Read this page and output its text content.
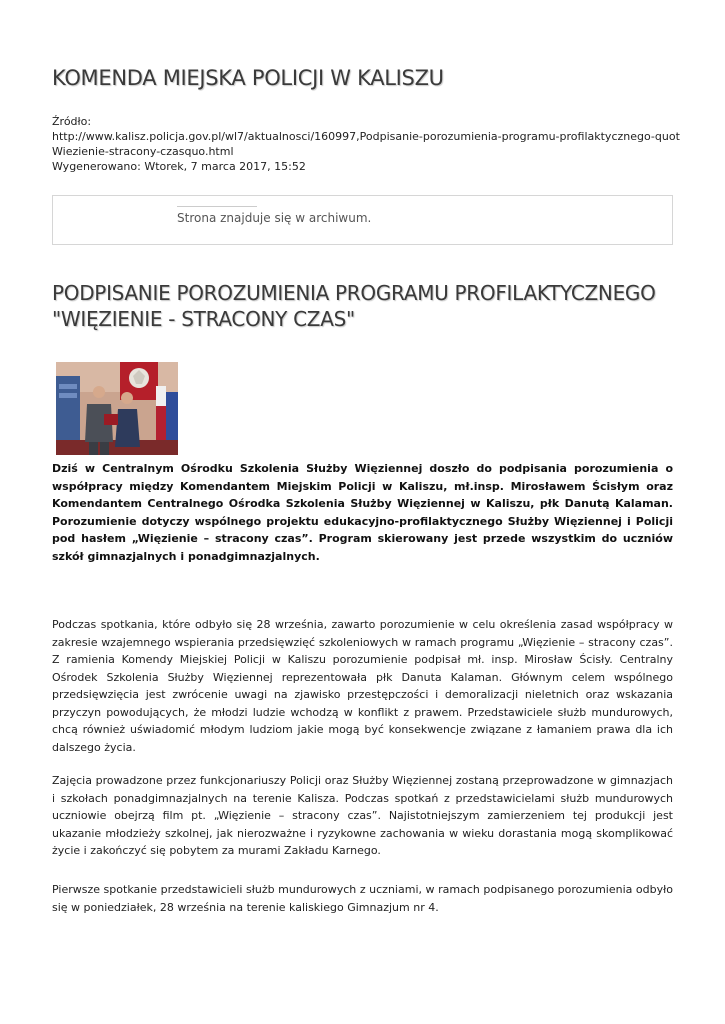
KOMENDA MIEJSKA POLICJI W KALISZU
Źródło:
http://www.kalisz.policja.gov.pl/wl7/aktualnosci/160997,Podpisanie-porozumienia-programu-profilaktycznego-quotWiezienie-stracony-czasquo.html
Wygenerowano: Wtorek, 7 marca 2017, 15:52
Strona znajduje się w archiwum.
PODPISANIE POROZUMIENIA PROGRAMU PROFILAKTYCZNEGO "WIĘZIENIE - STRACONY CZAS"

Dziś w Centralnym Ośrodku Szkolenia Służby Więziennej doszło do podpisania porozumienia o współpracy między Komendantem Miejskim Policji w Kaliszu, mł.insp. Mirosławem Ścisłym oraz Komendantem Centralnego Ośrodka Szkolenia Służby Więziennej w Kaliszu, płk Danutą Kalaman. Porozumienie dotyczy wspólnego projektu edukacyjno-profilaktycznego Służby Więziennej i Policji pod hasłem „Więzienie – stracony czas”. Program skierowany jest przede wszystkim do uczniów szkół gimnazjalnych i ponadgimnazjalnych.

Podczas spotkania, które odbyło się 28 września, zawarto porozumienie w celu określenia zasad współpracy w zakresie wzajemnego wspierania przedsięwzięć szkoleniowych w ramach programu „Więzienie – stracony czas”. Z ramienia Komendy Miejskiej Policji w Kaliszu porozumienie podpisał mł. insp. Mirosław Ścisły. Centralny Ośrodek Szkolenia Służby Więziennej reprezentowała płk Danuta Kalaman. Głównym celem wspólnego przedsięwzięcia jest zwrócenie uwagi na zjawisko przestępczości i demoralizacji nieletnich oraz wskazania przyczyn powodujących, że młodzi ludzie wchodzą w konflikt z prawem. Przedstawiciele służb mundurowych, chcą również uświadomić młodym ludziom jakie mogą być konsekwencje związane z łamaniem prawa dla ich dalszego życia.

Zajęcia prowadzone przez funkcjonariuszy Policji oraz Służby Więziennej zostaną przeprowadzone w gimnazjach i szkołach ponadgimnazjalnych na terenie Kalisza. Podczas spotkań z przedstawicielami służb mundurowych uczniowie obejrzą film pt. „Więzienie – stracony czas”. Najistotniejszym zamierzeniem tej produkcji jest ukazanie młodzieży szkolnej, jak nierozważne i ryzykowne zachowania w wieku dorastania mogą skomplikować życie i zakończyć się pobytem za murami Zakładu Karnego.

Pierwsze spotkanie przedstawicieli służb mundurowych z uczniami, w ramach podpisanego porozumienia odbyło się w poniedziałek, 28 września na terenie kaliskiego Gimnazjum nr 4.
